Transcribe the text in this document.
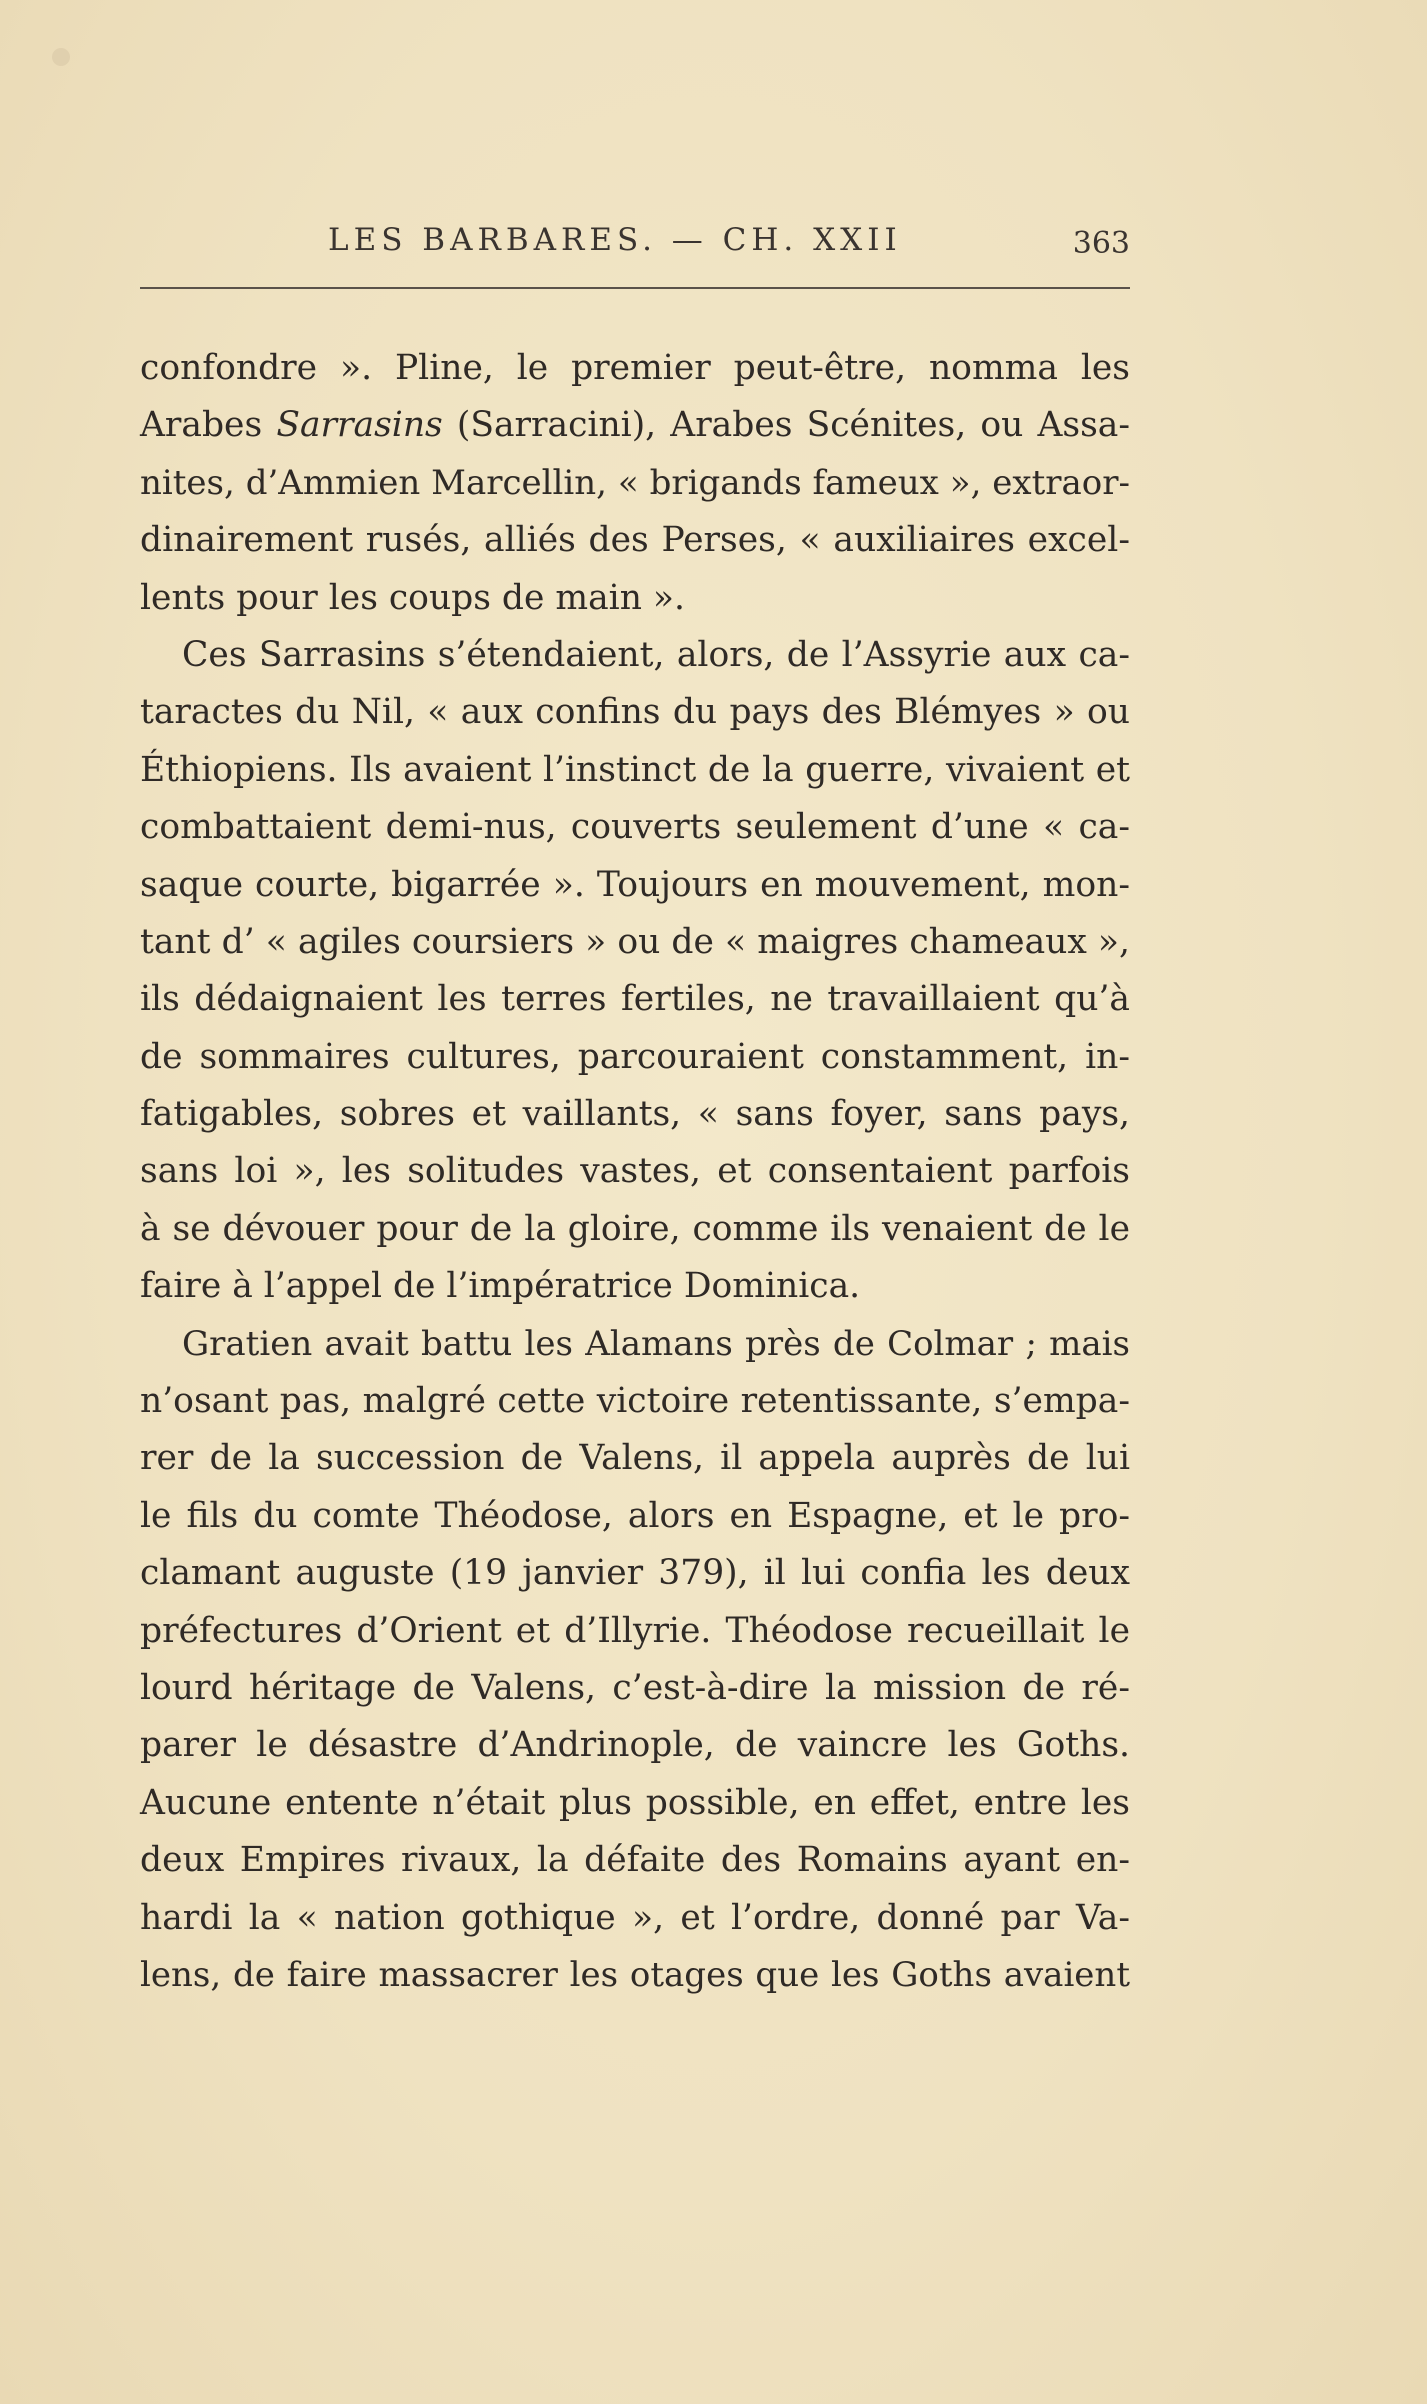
LES BARBARES. — CH. XXII	363
confondre ». Pline, le premier peut-être, nomma les
Arabes Sarrasins (Sarracini), Arabes Scénites, ou Assa-
nites, d’Ammien Marcellin, « brigands fameux », extraor-
dinairement rusés, alliés des Perses, « auxiliaires excel-
lents pour les coups de main ».
Ces Sarrasins s’étendaient, alors, de l’Assyrie aux ca-
taractes du Nil, « aux confins du pays des Blémyes » ou
Éthiopiens. Ils avaient l’instinct de la guerre, vivaient et
combattaient demi-nus, couverts seulement d’une « ca-
saque courte, bigarrée ». Toujours en mouvement, mon-
tant d’ « agiles coursiers » ou de « maigres chameaux »,
ils dédaignaient les terres fertiles, ne travaillaient qu’à
de sommaires cultures, parcouraient constamment, in-
fatigables, sobres et vaillants, « sans foyer, sans pays,
sans loi », les solitudes vastes, et consentaient parfois
à se dévouer pour de la gloire, comme ils venaient de le
faire à l’appel de l’impératrice Dominica.
Gratien avait battu les Alamans près de Colmar ; mais
n’osant pas, malgré cette victoire retentissante, s’empa-
rer de la succession de Valens, il appela auprès de lui
le fils du comte Théodose, alors en Espagne, et le pro-
clamant auguste (19 janvier 379), il lui confia les deux
préfectures d’Orient et d’Illyrie. Théodose recueillait le
lourd héritage de Valens, c’est-à-dire la mission de ré-
parer le désastre d’Andrinople, de vaincre les Goths.
Aucune entente n’était plus possible, en effet, entre les
deux Empires rivaux, la défaite des Romains ayant en-
hardi la « nation gothique », et l’ordre, donné par Va-
lens, de faire massacrer les otages que les Goths avaient
